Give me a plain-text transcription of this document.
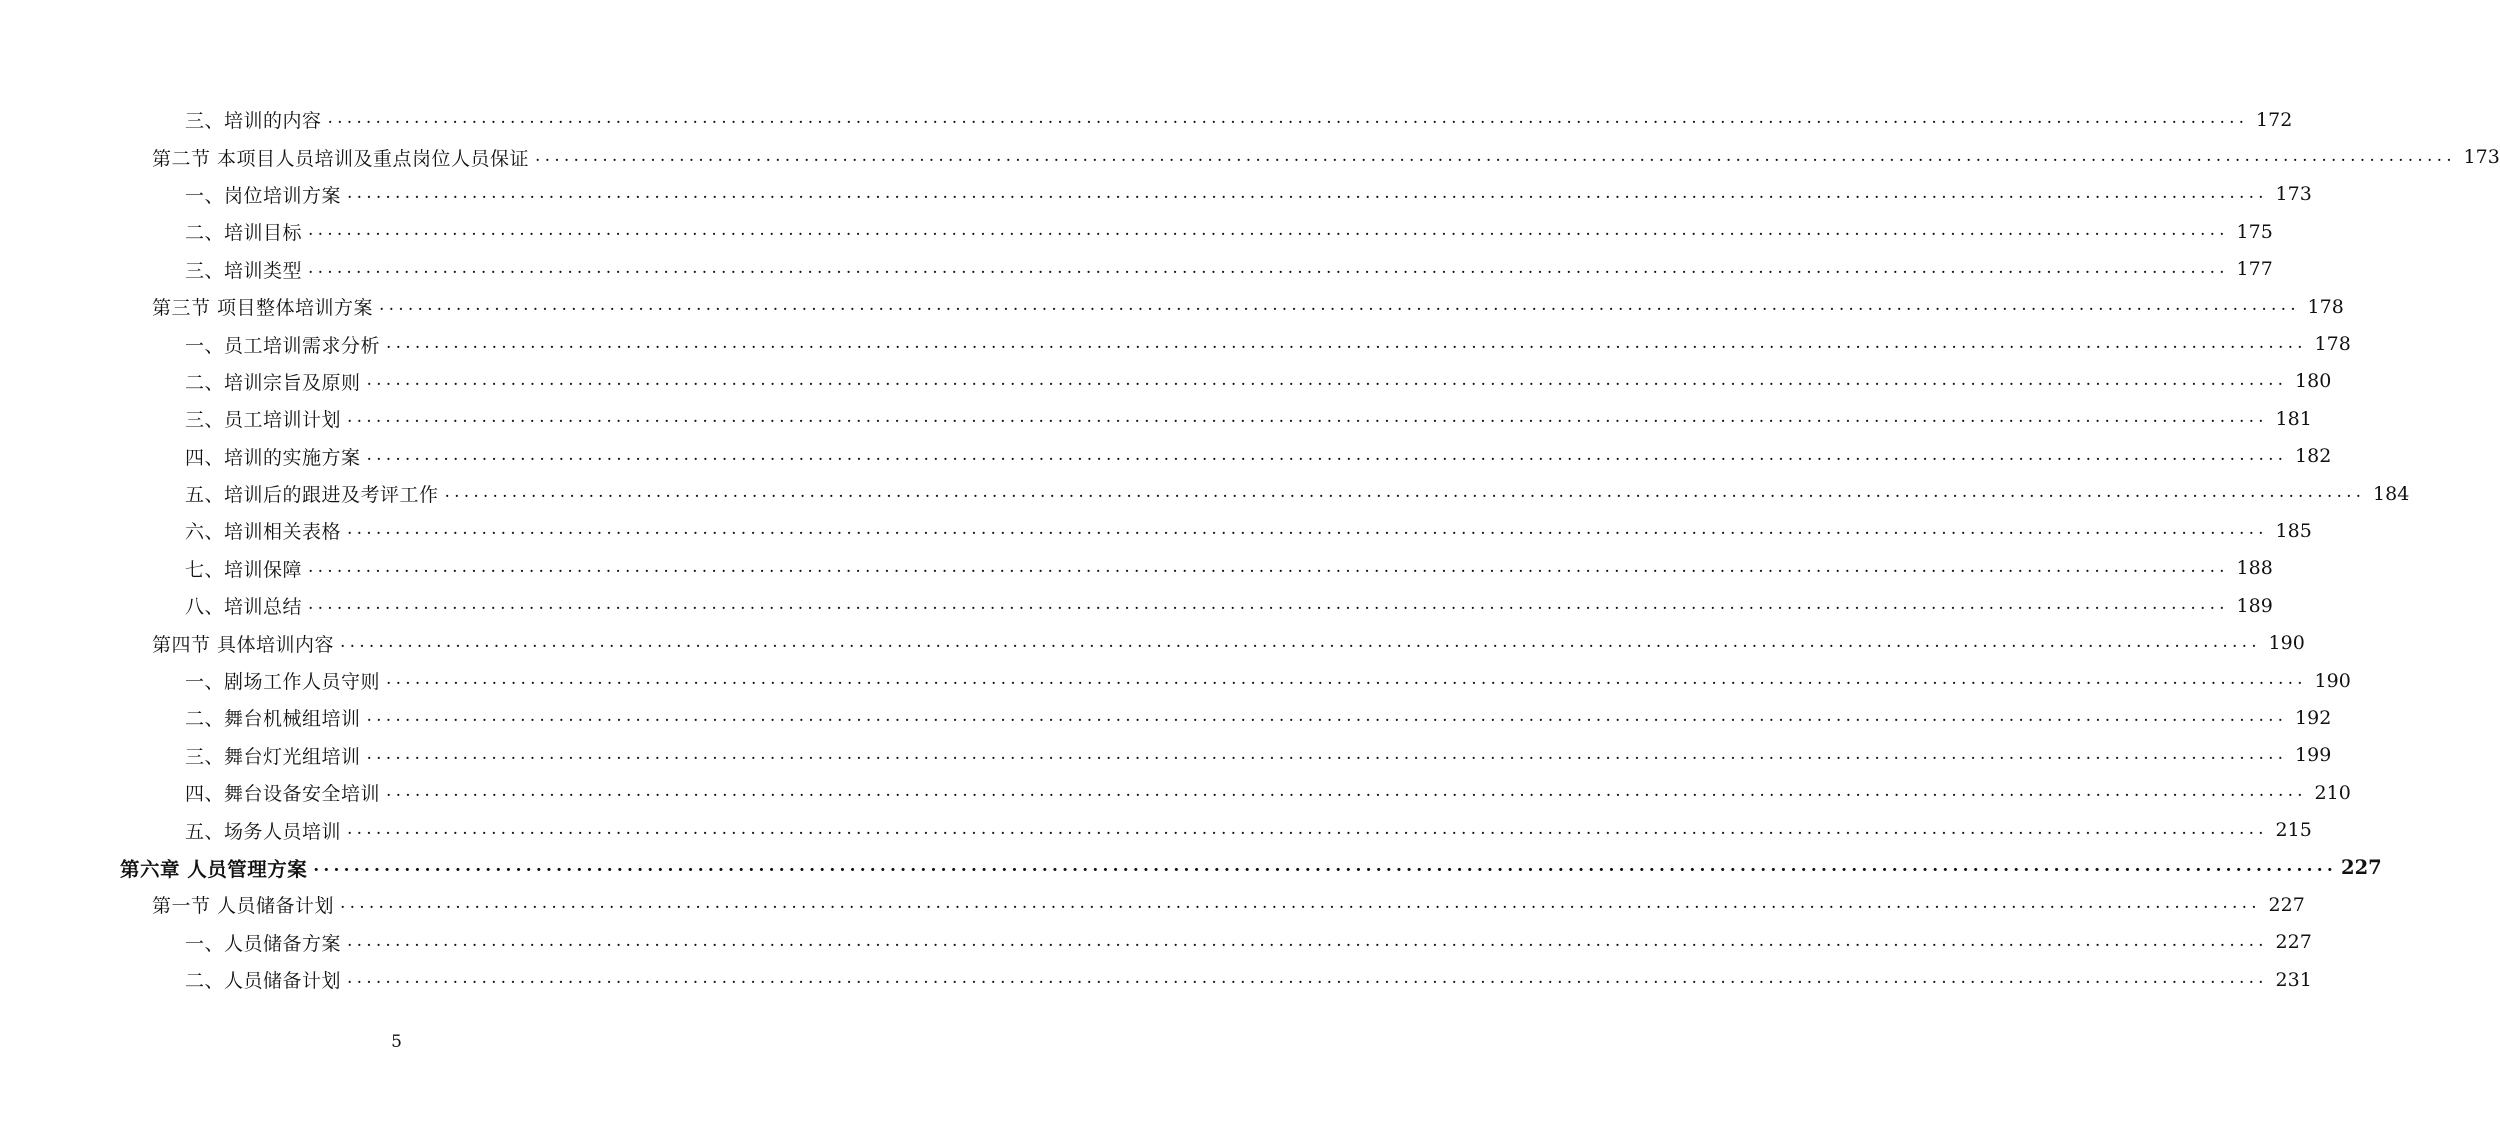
三、培训的内容 ........................................................................................................................................................................................................ 172
第二节 本项目人员培训及重点岗位人员保证 ........................................................................................................................................................................................................ 173
一、岗位培训方案 ........................................................................................................................................................................................................ 173
二、培训目标 ........................................................................................................................................................................................................ 175
三、培训类型 ........................................................................................................................................................................................................ 177
第三节 项目整体培训方案 ........................................................................................................................................................................................................ 178
一、员工培训需求分析 ........................................................................................................................................................................................................ 178
二、培训宗旨及原则 ........................................................................................................................................................................................................ 180
三、员工培训计划 ........................................................................................................................................................................................................ 181
四、培训的实施方案 ........................................................................................................................................................................................................ 182
五、培训后的跟进及考评工作 ........................................................................................................................................................................................................ 184
六、培训相关表格 ........................................................................................................................................................................................................ 185
七、培训保障 ........................................................................................................................................................................................................ 188
八、培训总结 ........................................................................................................................................................................................................ 189
第四节 具体培训内容 ........................................................................................................................................................................................................ 190
一、剧场工作人员守则 ........................................................................................................................................................................................................ 190
二、舞台机械组培训 ........................................................................................................................................................................................................ 192
三、舞台灯光组培训 ........................................................................................................................................................................................................ 199
四、舞台设备安全培训 ........................................................................................................................................................................................................ 210
五、场务人员培训 ........................................................................................................................................................................................................ 215
第六章 人员管理方案 ........................................................................................................................................................................................................ 227
第一节 人员储备计划 ........................................................................................................................................................................................................ 227
一、人员储备方案 ........................................................................................................................................................................................................ 227
二、人员储备计划 ........................................................................................................................................................................................................ 231
5
